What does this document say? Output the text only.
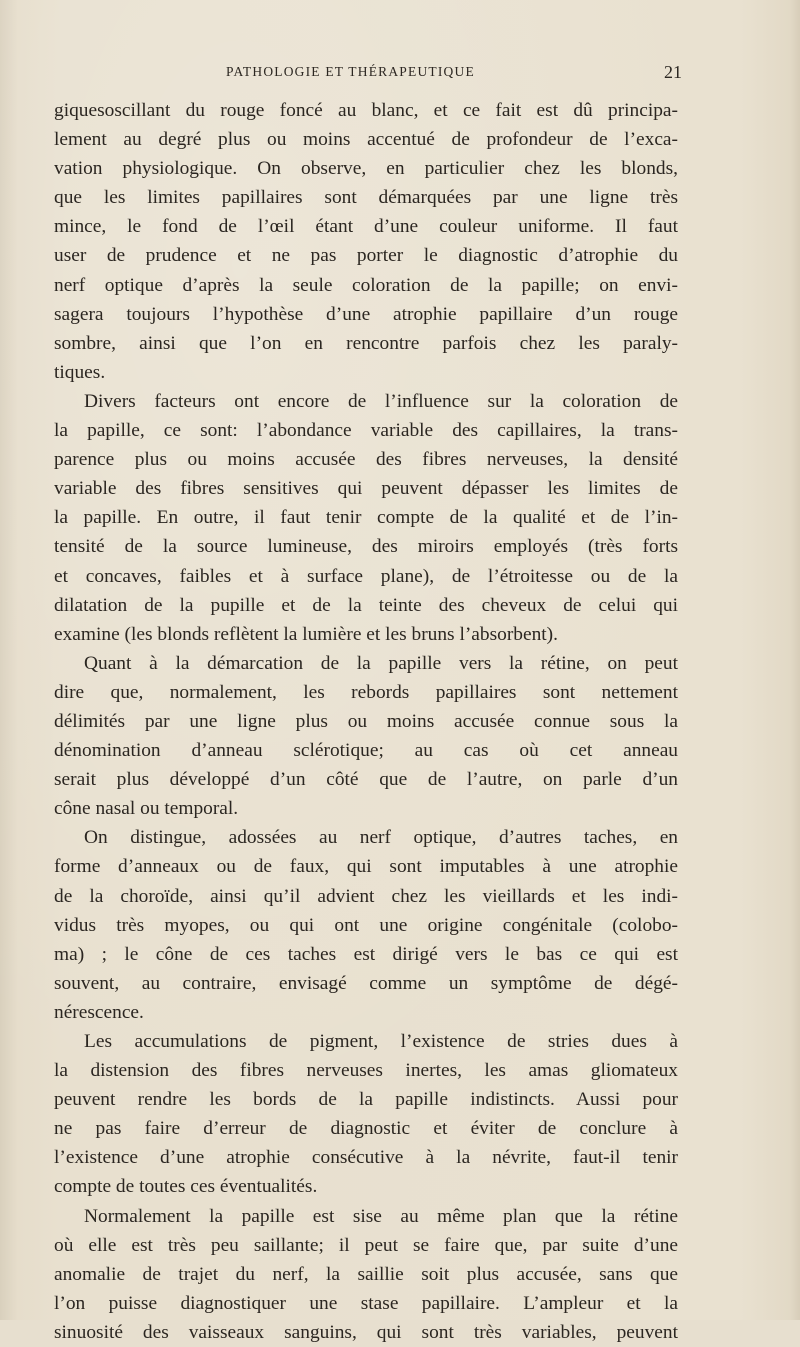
PATHOLOGIE ET THÉRAPEUTIQUE	21
giquesoscillant du rouge foncé au blanc, et ce fait est dû principa-
lement au degré plus ou moins accentué de profondeur de l’exca-
vation physiologique. On observe, en particulier chez les blonds,
que les limites papillaires sont démarquées par une ligne très
mince, le fond de l’œil étant d’une couleur uniforme. Il faut
user de prudence et ne pas porter le diagnostic d’atrophie du
nerf optique d’après la seule coloration de la papille; on envi-
sagera toujours l’hypothèse d’une atrophie papillaire d’un rouge
sombre, ainsi que l’on en rencontre parfois chez les paraly-
tiques.
Divers facteurs ont encore de l’influence sur la coloration de
la papille, ce sont: l’abondance variable des capillaires, la trans-
parence plus ou moins accusée des fibres nerveuses, la densité
variable des fibres sensitives qui peuvent dépasser les limites de
la papille. En outre, il faut tenir compte de la qualité et de l’in-
tensité de la source lumineuse, des miroirs employés (très forts
et concaves, faibles et à surface plane), de l’étroitesse ou de la
dilatation de la pupille et de la teinte des cheveux de celui qui
examine (les blonds reflètent la lumière et les bruns l’absorbent).
Quant à la démarcation de la papille vers la rétine, on peut
dire que, normalement, les rebords papillaires sont nettement
délimités par une ligne plus ou moins accusée connue sous la
dénomination d’anneau sclérotique; au cas où cet anneau
serait plus développé d’un côté que de l’autre, on parle d’un
cône nasal ou temporal.
On distingue, adossées au nerf optique, d’autres taches, en
forme d’anneaux ou de faux, qui sont imputables à une atrophie
de la choroïde, ainsi qu’il advient chez les vieillards et les indi-
vidus très myopes, ou qui ont une origine congénitale (colobo-
ma) ; le cône de ces taches est dirigé vers le bas ce qui est
souvent, au contraire, envisagé comme un symptôme de dégé-
nérescence.
Les accumulations de pigment, l’existence de stries dues à
la distension des fibres nerveuses inertes, les amas gliomateux
peuvent rendre les bords de la papille indistincts. Aussi pour
ne pas faire d’erreur de diagnostic et éviter de conclure à
l’existence d’une atrophie consécutive à la névrite, faut-il tenir
compte de toutes ces éventualités.
Normalement la papille est sise au même plan que la rétine
où elle est très peu saillante; il peut se faire que, par suite d’une
anomalie de trajet du nerf, la saillie soit plus accusée, sans que
l’on puisse diagnostiquer une stase papillaire. L’ampleur et la
sinuosité des vaisseaux sanguins, qui sont très variables, peuvent
